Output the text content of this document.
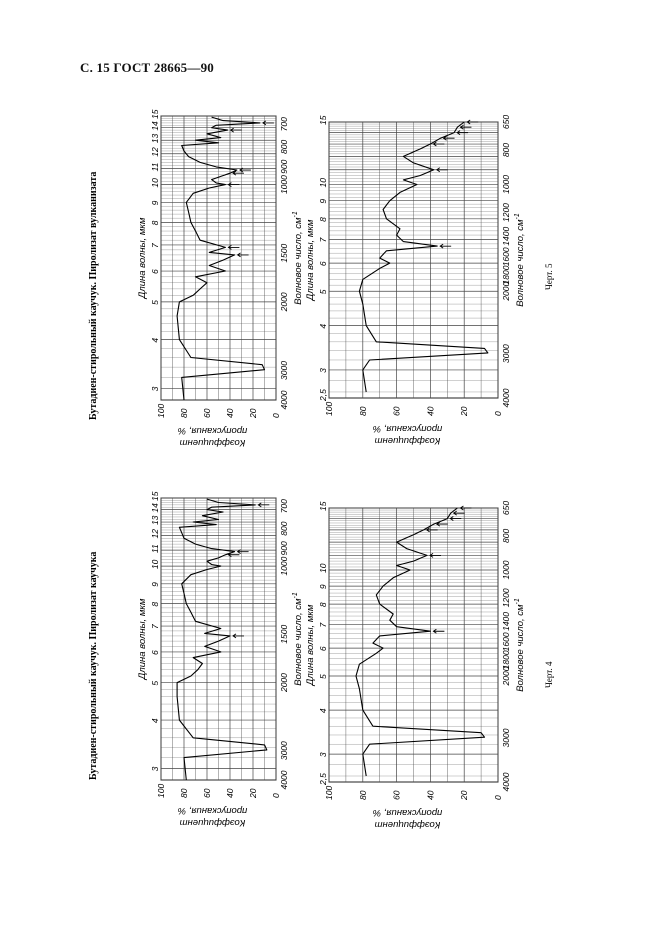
С. 15 ГОСТ 28665—90
Бутадиен-стирольный каучук. Пиролизат каучука
Бутадиен-стирольный каучук. Пиролизат вулканизата
3
4
5
6
7
8
9
10
11
12
13
14
15
100 80 60 40 20 0
4000
3000
2000
1500
1000
900
800
700
Длина волны, мкм	Волновое число, $см^{-1}$
Коэффициент
пропускания, %
2,5
3
4
5
6
7
8
9
10
15
100	80	60	40	20	0
4000
3000
2000
1800
1600
1400
1200
1000
800
650
Длина волны, мкм	Волновое число, $см^{-1}$
Коэффициент
пропускания, %
3
4
5
6
7
8
9
10
11
12
13
14
15
100 80 60 40 20 0
4000
3000
2000
1500
1000
900
800
700
Длина волны, мкм	Волновое число, $см^{-1}$
Коэффициент
пропускания, %
2,5
3
4
5
6
7
8
9
10
15
100	80	60	40	20	0
4000
3000
2000
1800
1600
1400
1200
1000
800
650
Длина волны, мкм	Волновое число, $см^{-1}$
Коэффициент
пропускания, %
Черт. 4
Черт. 5
